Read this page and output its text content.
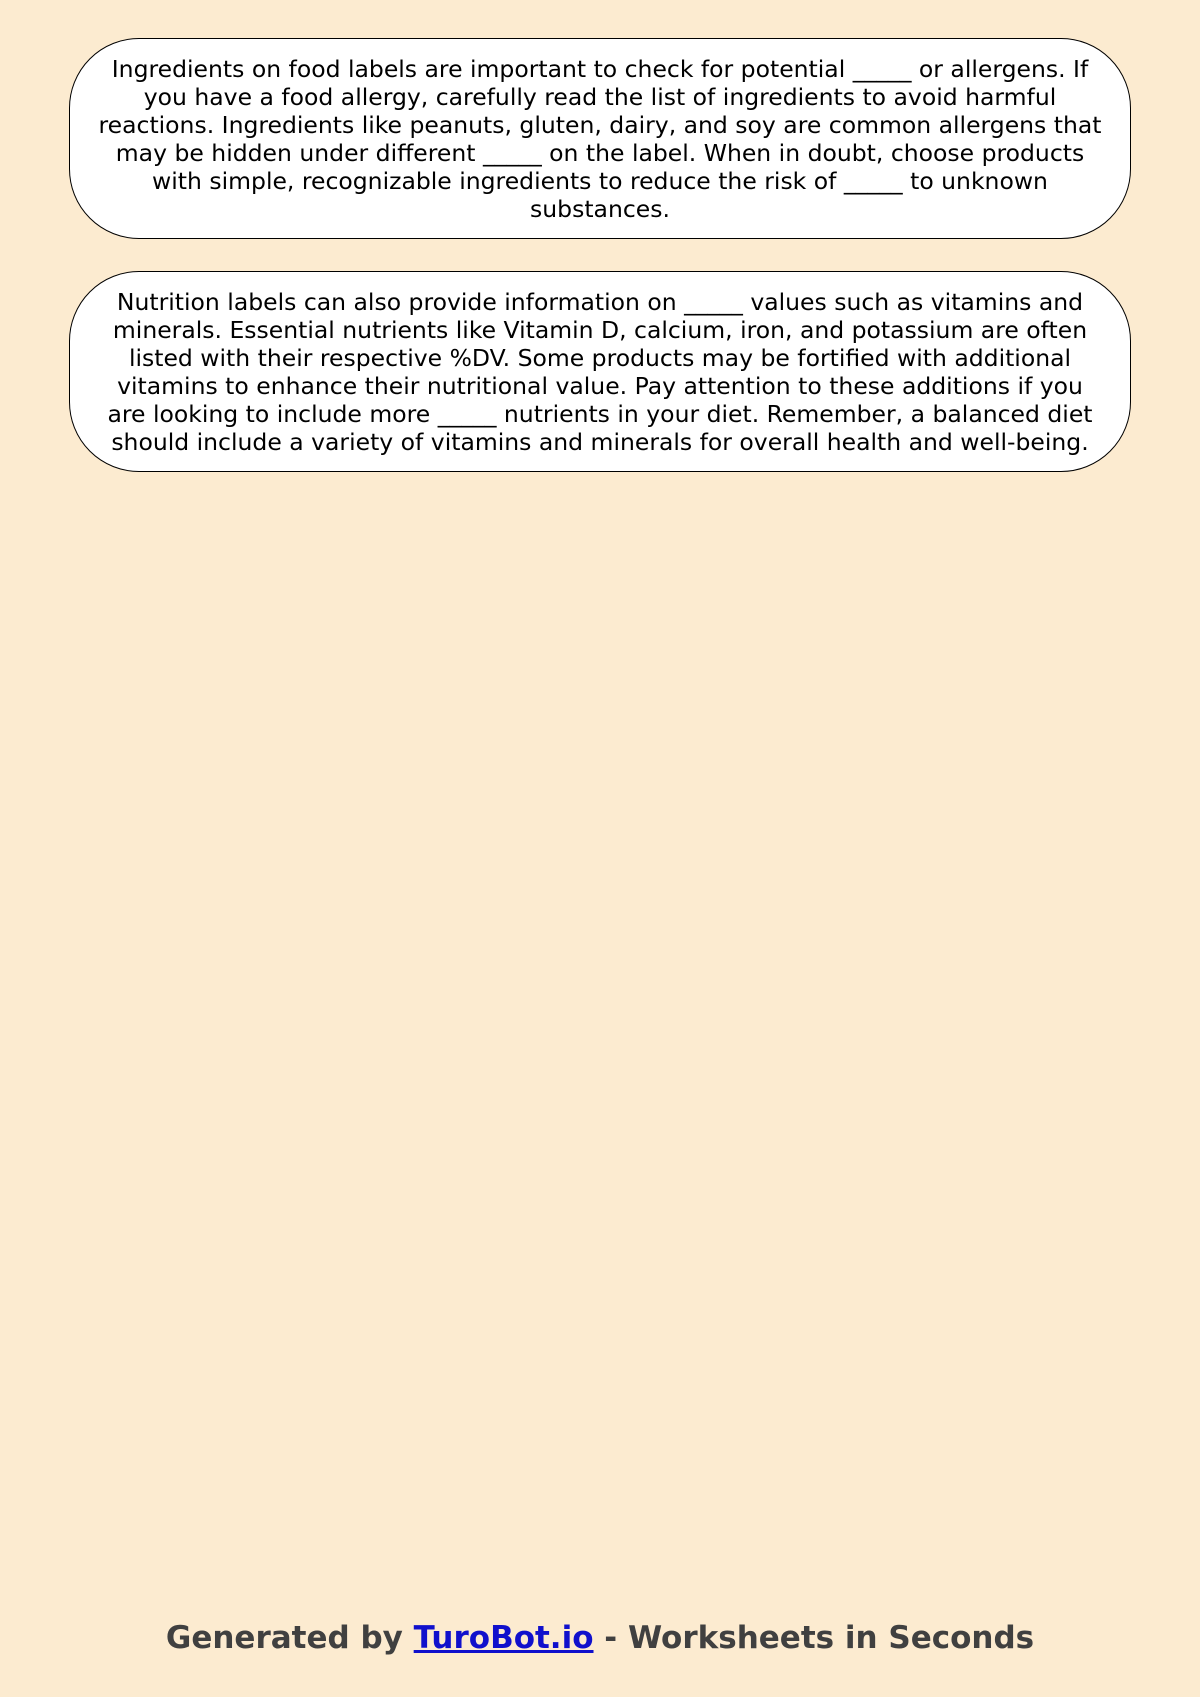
Ingredients on food labels are important to check for potential _____ or allergens. If you have a food allergy, carefully read the list of ingredients to avoid harmful reactions. Ingredients like peanuts, gluten, dairy, and soy are common allergens that may be hidden under different _____ on the label. When in doubt, choose products with simple, recognizable ingredients to reduce the risk of _____ to unknown substances.

Nutrition labels can also provide information on _____ values such as vitamins and minerals. Essential nutrients like Vitamin D, calcium, iron, and potassium are often listed with their respective %DV. Some products may be fortified with additional vitamins to enhance their nutritional value. Pay attention to these additions if you are looking to include more _____ nutrients in your diet. Remember, a balanced diet should include a variety of vitamins and minerals for overall health and well-being.

Generated by TuroBot.io - Worksheets in Seconds
